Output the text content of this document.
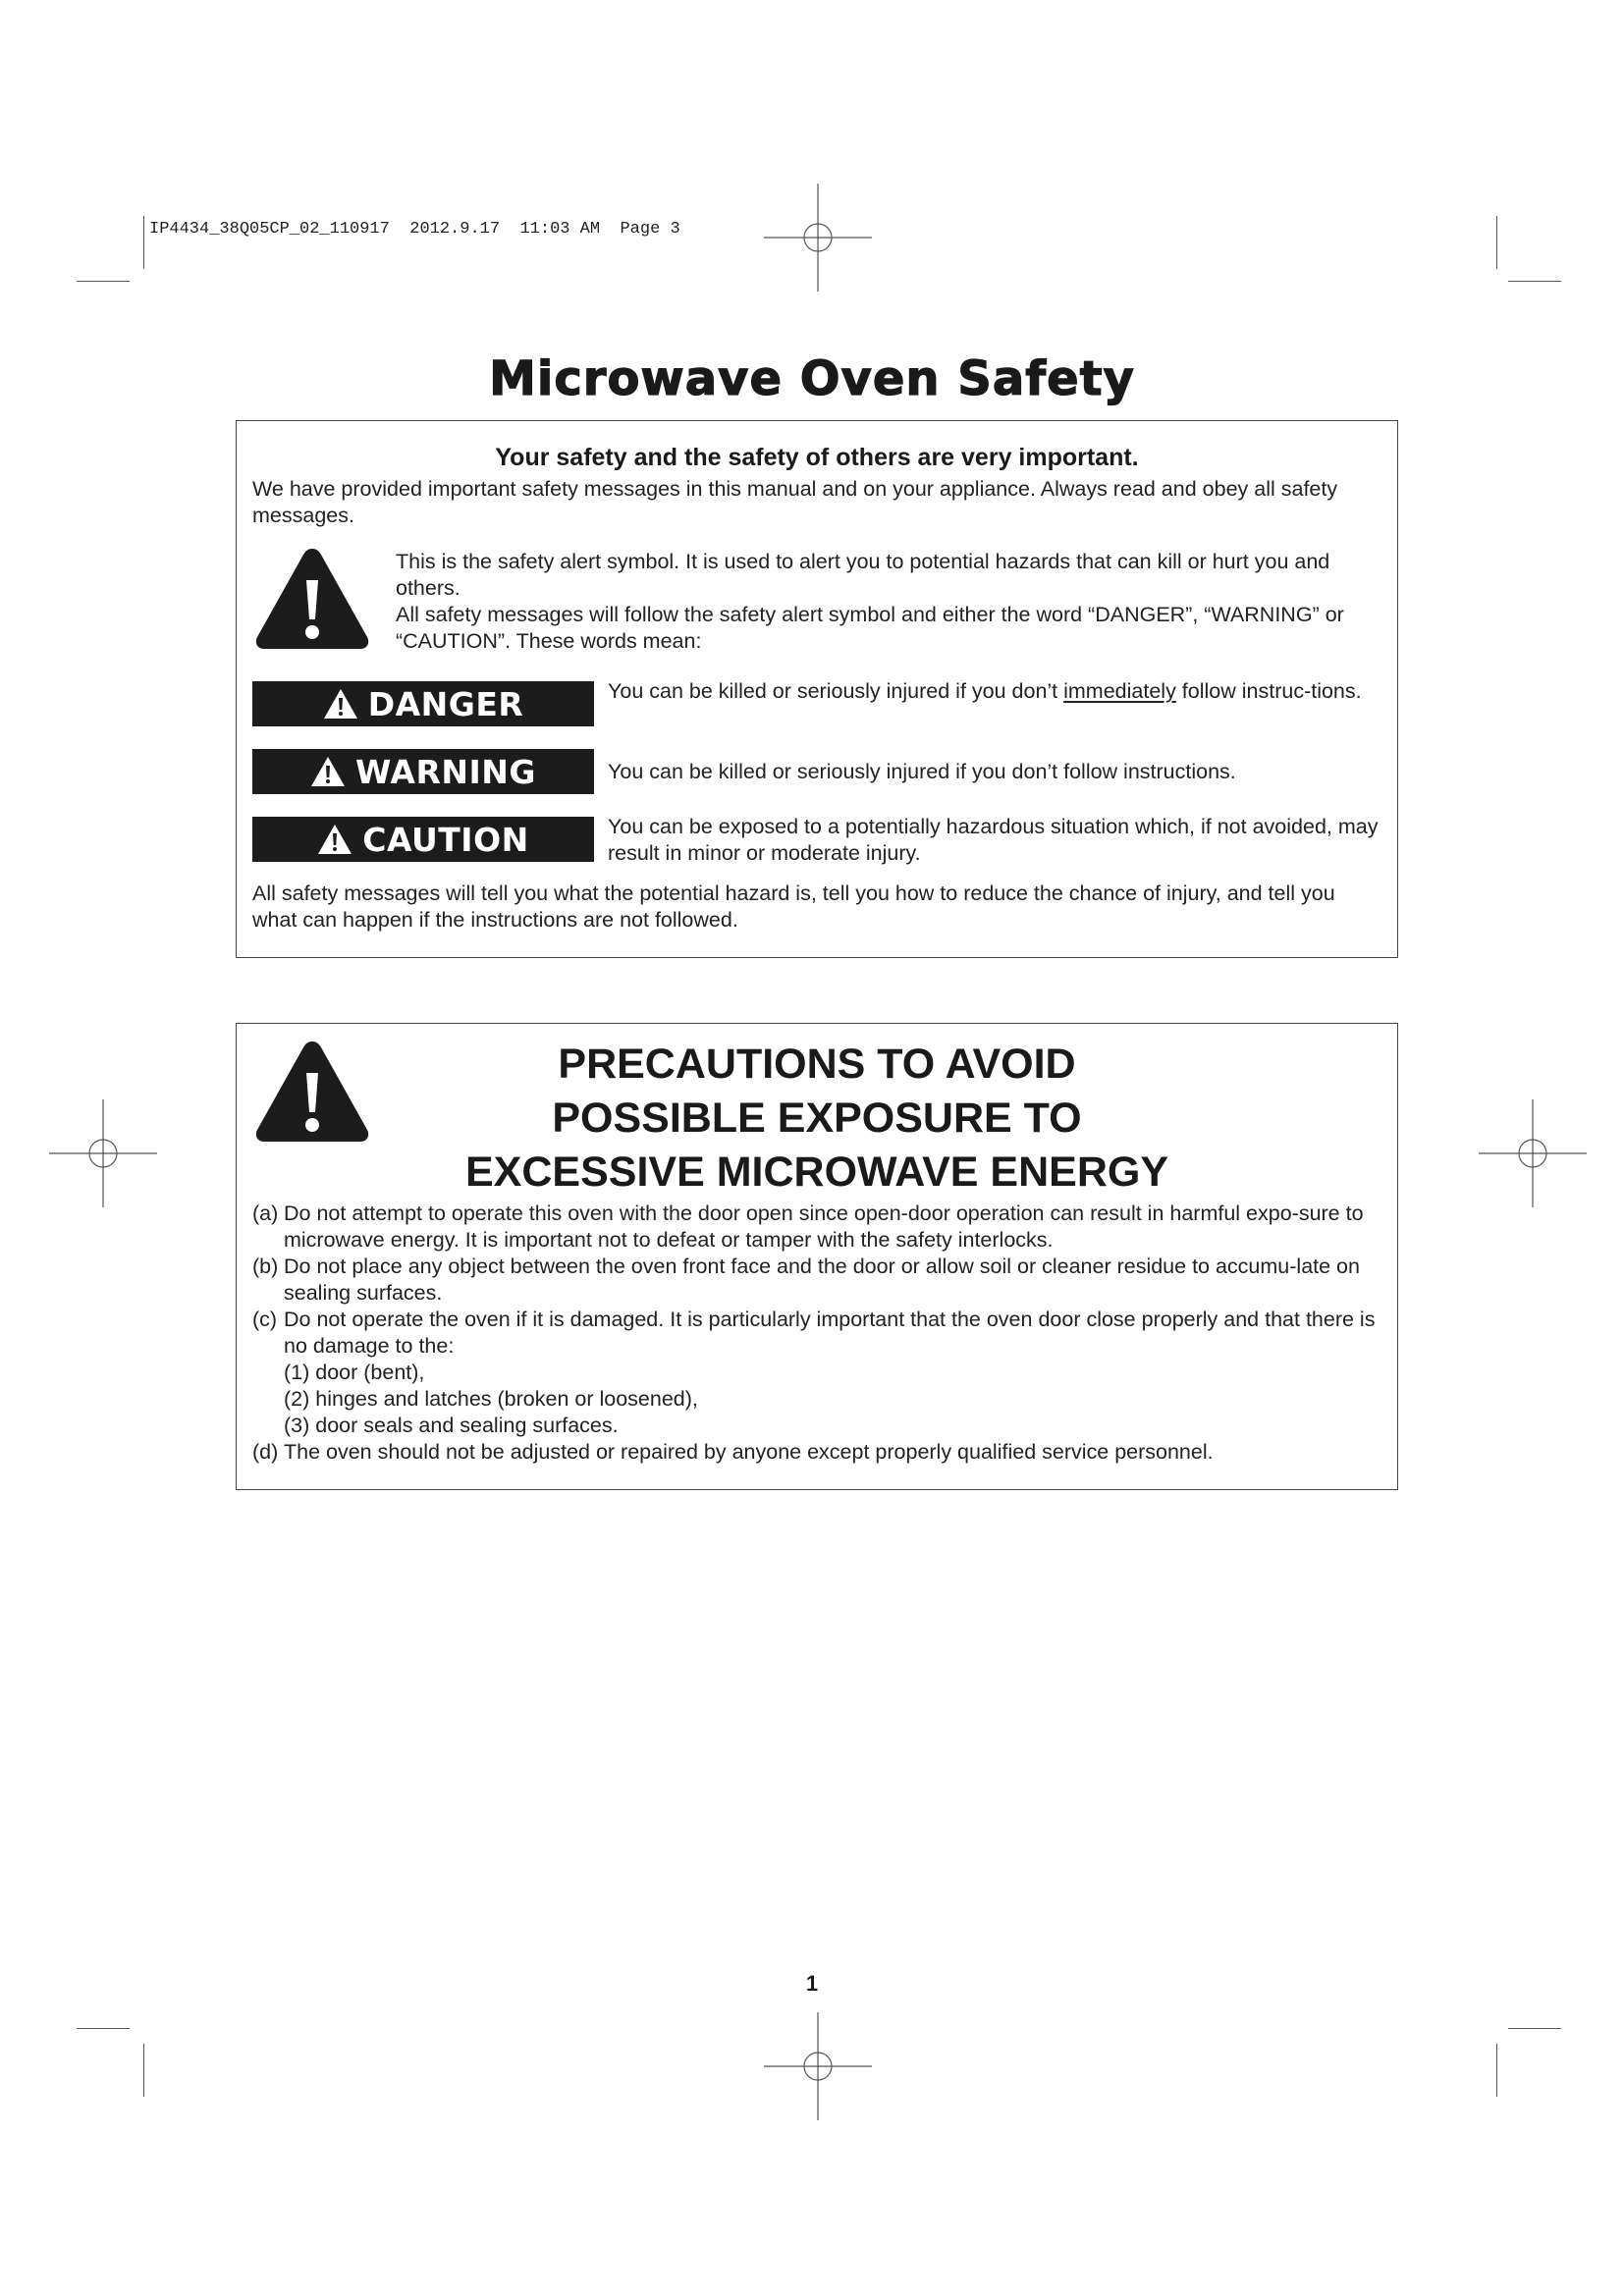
IP4434_38Q05CP_02_110917  2012.9.17  11:03 AM  Page 3
Microwave Oven Safety
Your safety and the safety of others are very important.
We have provided important safety messages in this manual and on your appliance. Always read and obey all safety messages.
This is the safety alert symbol. It is used to alert you to potential hazards that can kill or hurt you and others.
All safety messages will follow the safety alert symbol and either the word “DANGER”, “WARNING” or “CAUTION”. These words mean:
DANGER	You can be killed or seriously injured if you don’t immediately follow instruc-tions.
WARNING	You can be killed or seriously injured if you don’t follow instructions.
CAUTION	You can be exposed to a potentially hazardous situation which, if not avoided, may result in minor or moderate injury.
All safety messages will tell you what the potential hazard is, tell you how to reduce the chance of injury, and tell you what can happen if the instructions are not followed.
PRECAUTIONS TO AVOID
POSSIBLE EXPOSURE TO
EXCESSIVE MICROWAVE ENERGY
(a) Do not attempt to operate this oven with the door open since open-door operation can result in harmful expo-sure to microwave energy. It is important not to defeat or tamper with the safety interlocks.
(b) Do not place any object between the oven front face and the door or allow soil or cleaner residue to accumu-late on sealing surfaces.
(c) Do not operate the oven if it is damaged. It is particularly important that the oven door close properly and that there is no damage to the:
(1) door (bent),
(2) hinges and latches (broken or loosened),
(3) door seals and sealing surfaces.
(d) The oven should not be adjusted or repaired by anyone except properly qualified service personnel.
1
